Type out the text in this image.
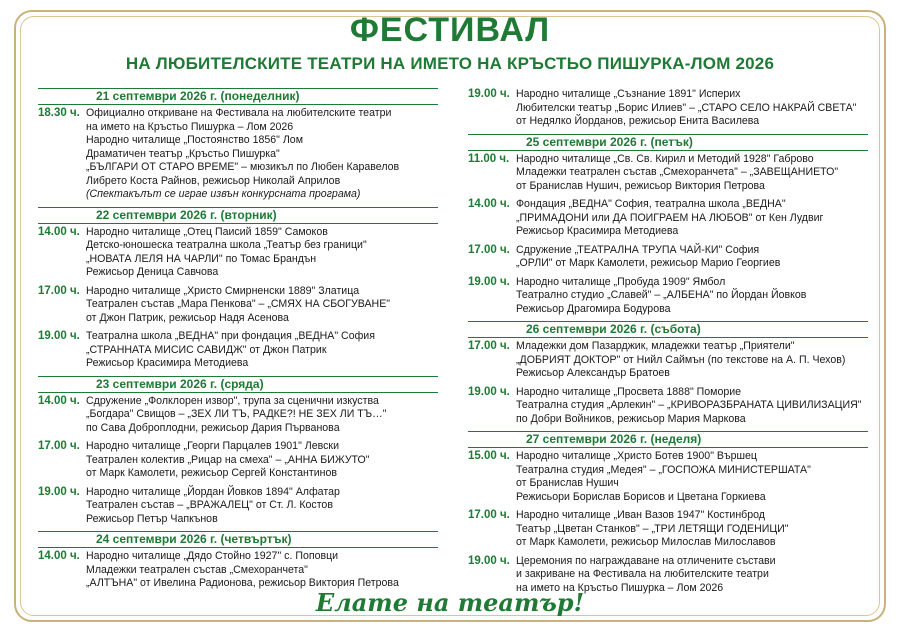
ФЕСТИВАЛ
НА ЛЮБИТЕЛСКИТЕ ТЕАТРИ НА ИМЕТО НА КРЪСТЬО ПИШУРКА-ЛОМ 2026
21 септември 2026 г. (понеделник)
18.30 ч. Официално откриване на Фестивала на любителските театри
на името на Кръстьо Пишурка – Лом 2026
Народно читалище „Постоянство 1856" Лом
Драматичен театър „Кръстьо Пишурка"
„БЪЛГАРИ ОТ СТАРО ВРЕМЕ" – мюзикъл по Любен Каравелов
Либрето Коста Райнов, режисьор Николай Априлов
(Спектакълът се играе извън конкурсната програма)
22 септември 2026 г. (вторник)
14.00 ч. Народно читалище „Отец Паисий 1859" Самоков
Детско-юношеска театрална школа „Театър без граници"
„НОВАТА ЛЕЛЯ НА ЧАРЛИ" по Томас Брандън
Режисьор Деница Савчова
17.00 ч. Народно читалище „Христо Смирненски 1889" Златица
Театрален състав „Мара Пенкова" – „СМЯХ НА СБОГУВАНЕ"
от Джон Патрик, режисьор Надя Асенова
19.00 ч. Театрална школа „ВЕДНА" при фондация „ВЕДНА" София
„СТРАННАТА МИСИС САВИДЖ" от Джон Патрик
Режисьор Красимира Методиева
23 септември 2026 г. (сряда)
14.00 ч. Сдружение „Фолклорен извор", трупа за сценични изкуства
„Богдара" Свищов – „ЗЕХ ЛИ ТЪ, РАДКЕ?! НЕ ЗЕХ ЛИ ТЪ…"
по Сава Доброплодни, режисьор Дария Първанова
17.00 ч. Народно читалище „Георги Парцалев 1901" Левски
Театрален колектив „Рицар на смеха" – „АННА БИЖУТО"
от Марк Камолети, режисьор Сергей Константинов
19.00 ч. Народно читалище „Йордан Йовков 1894" Алфатар
Театрален състав – „ВРАЖАЛЕЦ" от Ст. Л. Костов
Режисьор Петър Чапкънов
24 септември 2026 г. (четвъртък)
14.00 ч. Народно читалище „Дядо Стойно 1927" с. Поповци
Младежки театрален състав „Смехоранчета"
„АЛТЪНА" от Ивелина Радионова, режисьор Виктория Петрова
19.00 ч. Народно читалище „Съзнание 1891" Исперих
Любителски театър „Борис Илиев" – „СТАРО СЕЛО НАКРАЙ СВЕТА"
от Недялко Йорданов, режисьор Енита Василева
25 септември 2026 г. (петък)
11.00 ч. Народно читалище „Св. Св. Кирил и Методий 1928" Габрово
Младежки театрален състав „Смехоранчета" – „ЗАВЕЩАНИЕТО"
от Бранислав Нушич, режисьор Виктория Петрова
14.00 ч. Фондация „ВЕДНА" София, театрална школа „ВЕДНА"
„ПРИМАДОНИ или ДА ПОИГРАЕМ НА ЛЮБОВ" от Кен Лудвиг
Режисьор Красимира Методиева
17.00 ч. Сдружение „ТЕАТРАЛНА ТРУПА ЧАЙ-КИ" София
„ОРЛИ" от Марк Камолети, режисьор Марио Георгиев
19.00 ч. Народно читалище „Пробуда 1909" Ямбол
Театрално студио „Славей" – „АЛБЕНА" по Йордан Йовков
Режисьор Драгомира Бодурова
26 септември 2026 г. (събота)
17.00 ч. Младежки дом Пазарджик, младежки театър „Приятели"
„ДОБРИЯТ ДОКТОР" от Нийл Саймън (по текстове на А. П. Чехов)
Режисьор Александър Братоев
19.00 ч. Народно читалище „Просвета 1888" Поморие
Театрална студия „Арлекин" – „КРИВОРАЗБРАНАТА ЦИВИЛИЗАЦИЯ"
по Добри Войников, режисьор Мария Маркова
27 септември 2026 г. (неделя)
15.00 ч. Народно читалище „Христо Ботев 1900" Вършец
Театрална студия „Медея" – „ГОСПОЖА МИНИСТЕРШАТА"
от Бранислав Нушич
Режисьори Борислав Борисов и Цветана Горкиева
17.00 ч. Народно читалище „Иван Вазов 1947" Костинброд
Театър „Цветан Станков" – „ТРИ ЛЕТЯЩИ ГОДЕНИЦИ"
от Марк Камолети, режисьор Милослав Милославов
19.00 ч. Церемония по награждаване на отличените състави
и закриване на Фестивала на любителските театри
на името на Кръстьо Пишурка – Лом 2026
Елате на театър!
